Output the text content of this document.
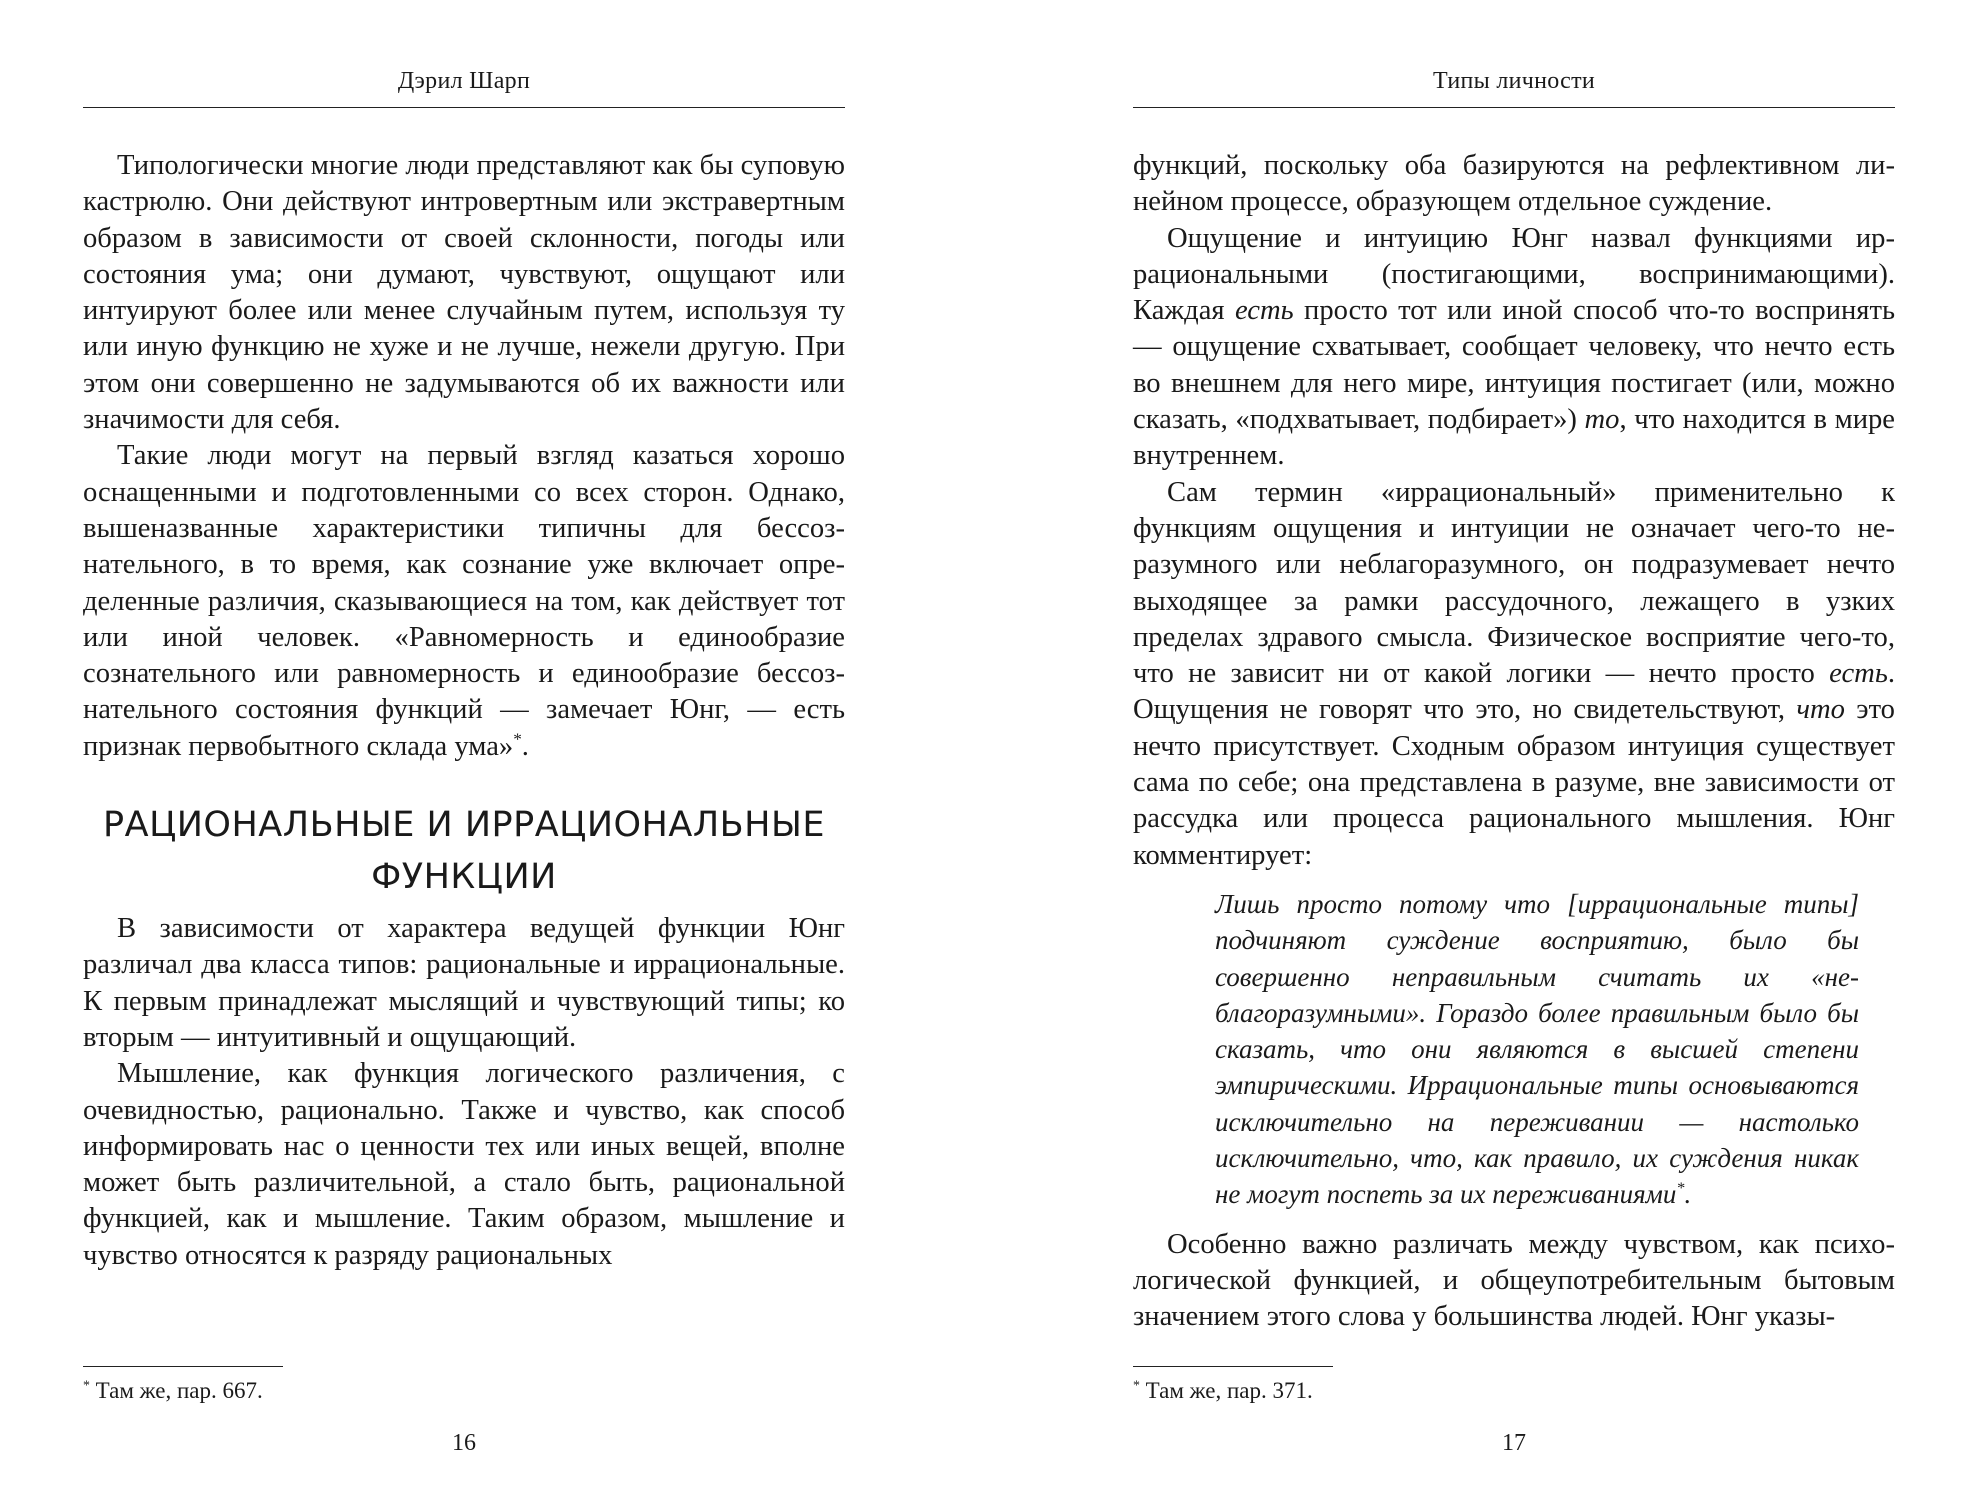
Дэрил Шарп

Типологически многие люди представляют как бы суповую кастрюлю. Они действуют интровертным или экстравертным образом в зависимости от своей склонности, погоды или состояния ума; они думают, чувствуют, ощущают или интуируют более или менее случайным путем, используя ту или иную функцию не хуже и не лучше, нежели другую. При этом они совершенно не задумываются об их важности или значимости для себя.

Такие люди могут на первый взгляд казаться хорошо оснащенными и подготовленными со всех сторон. Однако, вышеназванные характеристики типичны для бессознательного, в то время, как сознание уже включает определенные различия, сказывающиеся на том, как действует тот или иной человек. «Равномерность и единообразие сознательного или равномерность и единообразие бессознательного состояния функций — замечает Юнг, — есть признак первобытного склада ума»*.

РАЦИОНАЛЬНЫЕ И ИРРАЦИОНАЛЬНЫЕ
ФУНКЦИИ

В зависимости от характера ведущей функции Юнг различал два класса типов: рациональные и иррациональные. К первым принадлежат мыслящий и чувствующий типы; ко вторым — интуитивный и ощущающий.

Мышление, как функция логического различения, с очевидностью, рационально. Также и чувство, как способ информировать нас о ценности тех или иных вещей, вполне может быть различительной, а стало быть, рациональной функцией, как и мышление. Таким образом, мышление и чувство относятся к разряду рациональных

* Там же, пар. 667.
16
Типы личности

функций, поскольку оба базируются на рефлективном линейном процессе, образующем отдельное суждение.

Ощущение и интуицию Юнг назвал функциями иррациональными (постигающими, воспринимающими). Каждая есть просто тот или иной способ что-то воспринять — ощущение схватывает, сообщает человеку, что нечто есть во внешнем для него мире, интуиция постигает (или, можно сказать, «подхватывает, подбирает») то, что находится в мире внутреннем.

Сам термин «иррациональный» применительно к функциям ощущения и интуиции не означает чего-то неразумного или неблагоразумного, он подразумевает нечто выходящее за рамки рассудочного, лежащего в узких пределах здравого смысла. Физическое восприятие чего-то, что не зависит ни от какой логики — нечто просто есть. Ощущения не говорят что это, но свидетельствуют, что это нечто присутствует. Сходным образом интуиция существует сама по себе; она представлена в разуме, вне зависимости от рассудка или процесса рационального мышления. Юнг комментирует:

Лишь просто потому что [иррациональные типы] подчиняют суждение восприятию, было бы совершенно неправильным считать их «неблагоразумными». Гораздо более правильным было бы сказать, что они являются в высшей степени эмпирическими. Иррациональные типы основываются исключительно на переживании — настолько исключительно, что, как правило, их суждения никак не могут поспеть за их переживаниями*.

Особенно важно различать между чувством, как психологической функцией, и общеупотребительным бытовым значением этого слова у большинства людей. Юнг указы-

* Там же, пар. 371.
17
